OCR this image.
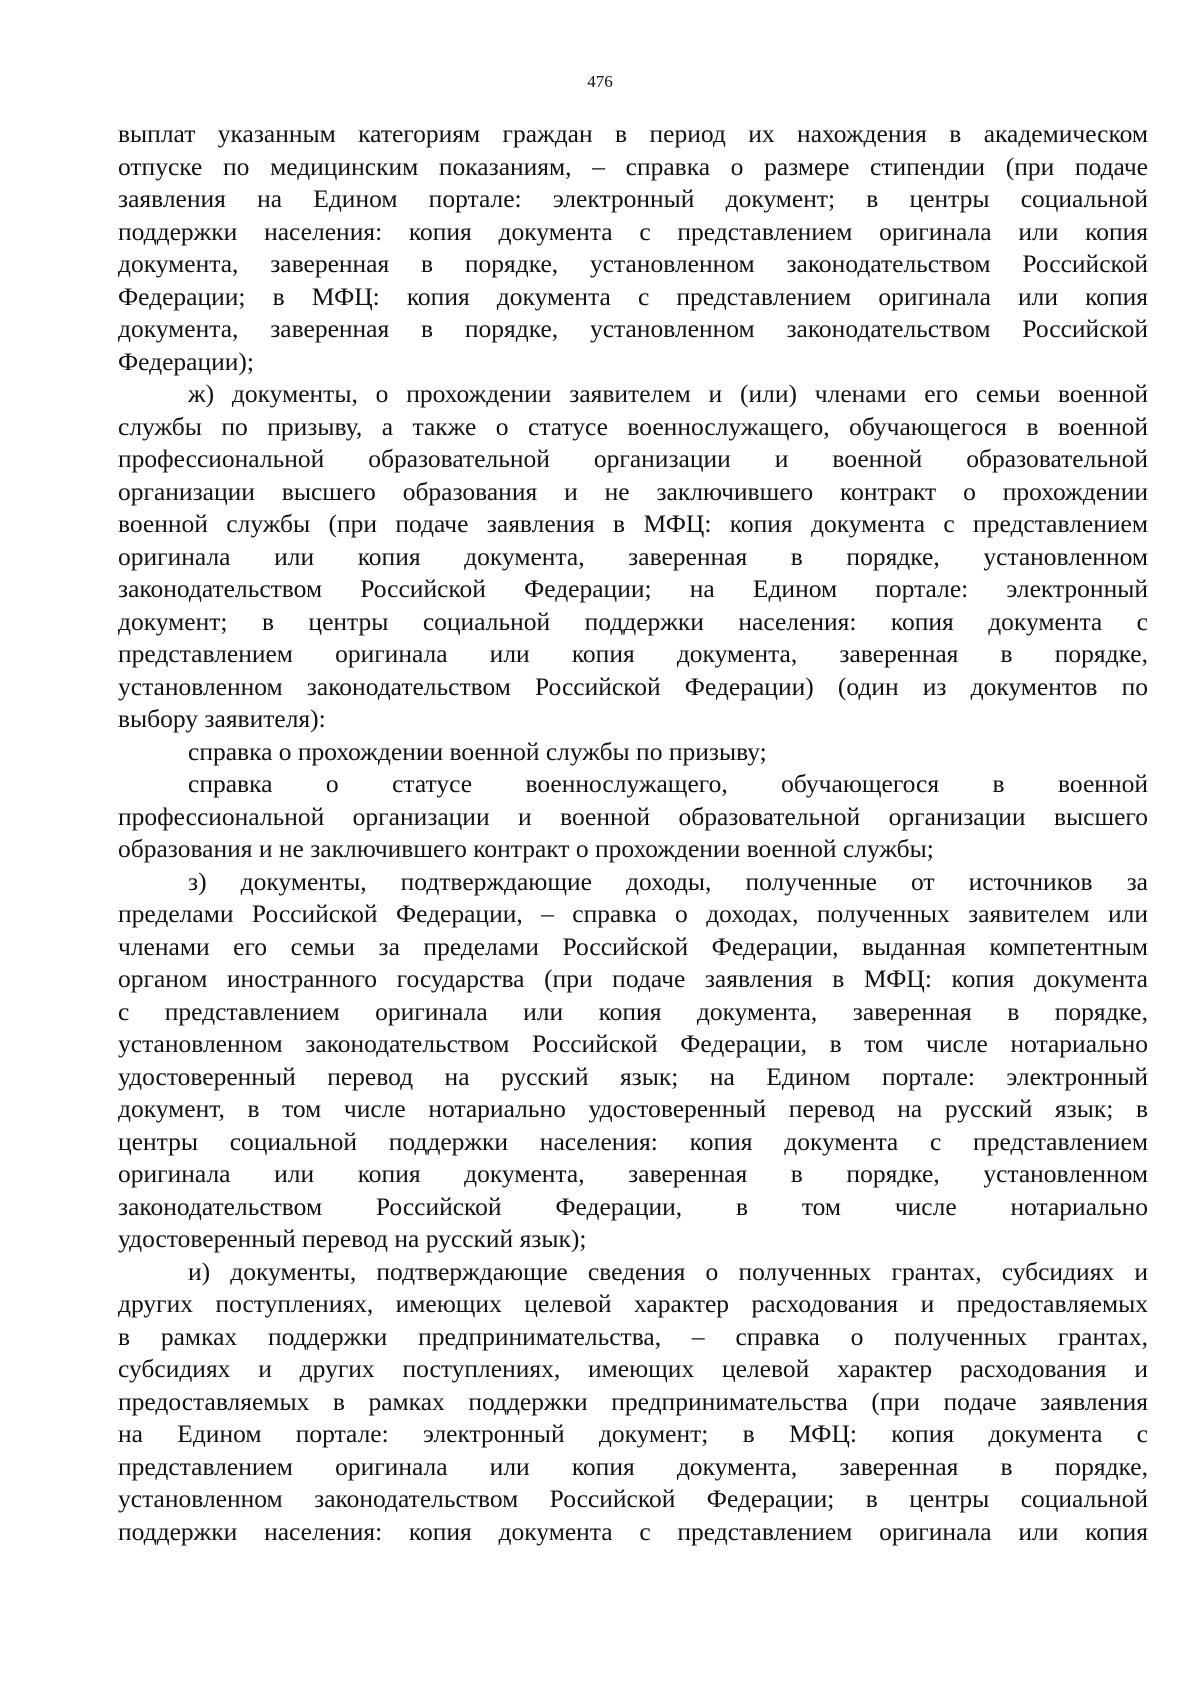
476
выплат указанным категориям граждан в период их нахождения в академическом
отпуске по медицинским показаниям, – справка о размере стипендии (при подаче
заявления на Едином портале: электронный документ; в центры социальной
поддержки населения: копия документа с представлением оригинала или копия
документа, заверенная в порядке, установленном законодательством Российской
Федерации; в МФЦ: копия документа с представлением оригинала или копия
документа, заверенная в порядке, установленном законодательством Российской
Федерации);
ж) документы, о прохождении заявителем и (или) членами его семьи военной
службы по призыву, а также о статусе военнослужащего, обучающегося в военной
профессиональной образовательной организации и военной образовательной
организации высшего образования и не заключившего контракт о прохождении
военной службы (при подаче заявления в МФЦ: копия документа с представлением
оригинала или копия документа, заверенная в порядке, установленном
законодательством Российской Федерации; на Едином портале: электронный
документ; в центры социальной поддержки населения: копия документа с
представлением оригинала или копия документа, заверенная в порядке,
установленном законодательством Российской Федерации) (один из документов по
выбору заявителя):
справка о прохождении военной службы по призыву;
справка о статусе военнослужащего, обучающегося в военной
профессиональной организации и военной образовательной организации высшего
образования и не заключившего контракт о прохождении военной службы;
з) документы, подтверждающие доходы, полученные от источников за
пределами Российской Федерации, – справка о доходах, полученных заявителем или
членами его семьи за пределами Российской Федерации, выданная компетентным
органом иностранного государства (при подаче заявления в МФЦ: копия документа
с представлением оригинала или копия документа, заверенная в порядке,
установленном законодательством Российской Федерации, в том числе нотариально
удостоверенный перевод на русский язык; на Едином портале: электронный
документ, в том числе нотариально удостоверенный перевод на русский язык; в
центры социальной поддержки населения: копия документа с представлением
оригинала или копия документа, заверенная в порядке, установленном
законодательством Российской Федерации, в том числе нотариально
удостоверенный перевод на русский язык);
и) документы, подтверждающие сведения о полученных грантах, субсидиях и
других поступлениях, имеющих целевой характер расходования и предоставляемых
в рамках поддержки предпринимательства, – справка о полученных грантах,
субсидиях и других поступлениях, имеющих целевой характер расходования и
предоставляемых в рамках поддержки предпринимательства (при подаче заявления
на Едином портале: электронный документ; в МФЦ: копия документа с
представлением оригинала или копия документа, заверенная в порядке,
установленном законодательством Российской Федерации; в центры социальной
поддержки населения: копия документа с представлением оригинала или копия
